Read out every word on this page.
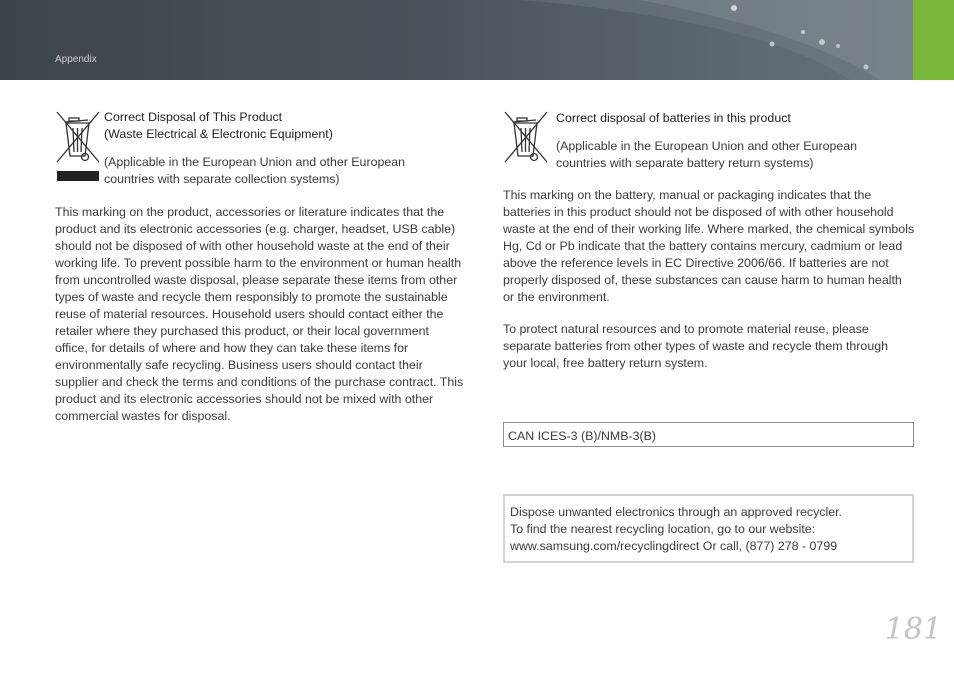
Appendix
Correct Disposal of This Product
(Waste Electrical & Electronic Equipment)
(Applicable in the European Union and other European countries with separate collection systems)
This marking on the product, accessories or literature indicates that the product and its electronic accessories (e.g. charger, headset, USB cable) should not be disposed of with other household waste at the end of their working life. To prevent possible harm to the environment or human health from uncontrolled waste disposal, please separate these items from other types of waste and recycle them responsibly to promote the sustainable reuse of material resources. Household users should contact either the retailer where they purchased this product, or their local government office, for details of where and how they can take these items for environmentally safe recycling. Business users should contact their supplier and check the terms and conditions of the purchase contract. This product and its electronic accessories should not be mixed with other commercial wastes for disposal.
Correct disposal of batteries in this product
(Applicable in the European Union and other European countries with separate battery return systems)
This marking on the battery, manual or packaging indicates that the batteries in this product should not be disposed of with other household waste at the end of their working life. Where marked, the chemical symbols Hg, Cd or Pb indicate that the battery contains mercury, cadmium or lead above the reference levels in EC Directive 2006/66. If batteries are not properly disposed of, these substances can cause harm to human health or the environment.
To protect natural resources and to promote material reuse, please separate batteries from other types of waste and recycle them through your local, free battery return system.
CAN ICES-3 (B)/NMB-3(B)
Dispose unwanted electronics through an approved recycler.
To find the nearest recycling location, go to our website:
www.samsung.com/recyclingdirect Or call, (877) 278 - 0799
181
